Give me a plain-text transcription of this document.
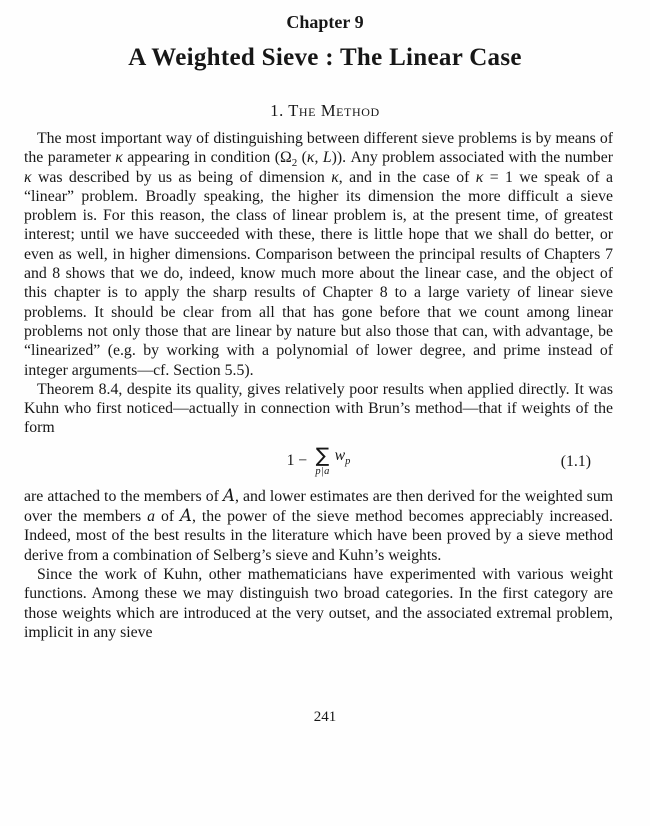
Chapter 9
A Weighted Sieve : The Linear Case
1. The Method

The most important way of distinguishing between different sieve problems is by means of the parameter κ appearing in condition ($\Omega_2$ (κ, L)). Any problem associated with the number κ was described by us as being of dimension κ, and in the case of κ = 1 we speak of a “linear” problem. Broadly speaking, the higher its dimension the more difficult a sieve problem is. For this reason, the class of linear problem is, at the present time, of greatest interest; until we have succeeded with these, there is little hope that we shall do better, or even as well, in higher dimensions. Comparison between the principal results of Chapters 7 and 8 shows that we do, indeed, know much more about the linear case, and the object of this chapter is to apply the sharp results of Chapter 8 to a large variety of linear sieve problems. It should be clear from all that has gone before that we count among linear problems not only those that are linear by nature but also those that can, with advantage, be “linearized” (e.g. by working with a polynomial of lower degree, and prime instead of integer arguments—cf. Section 5.5).

Theorem 8.4, despite its quality, gives relatively poor results when applied directly. It was Kuhn who first noticed—actually in connection with Brun’s method—that if weights of the form

1 − ∑
p|a
$w_p$	(1.1)

are attached to the members of A, and lower estimates are then derived for the weighted sum over the members a of A, the power of the sieve method becomes appreciably increased. Indeed, most of the best results in the literature which have been proved by a sieve method derive from a combination of Selberg’s sieve and Kuhn’s weights.

Since the work of Kuhn, other mathematicians have experimented with various weight functions. Among these we may distinguish two broad categories. In the first category are those weights which are introduced at the very outset, and the associated extremal problem, implicit in any sieve

241
